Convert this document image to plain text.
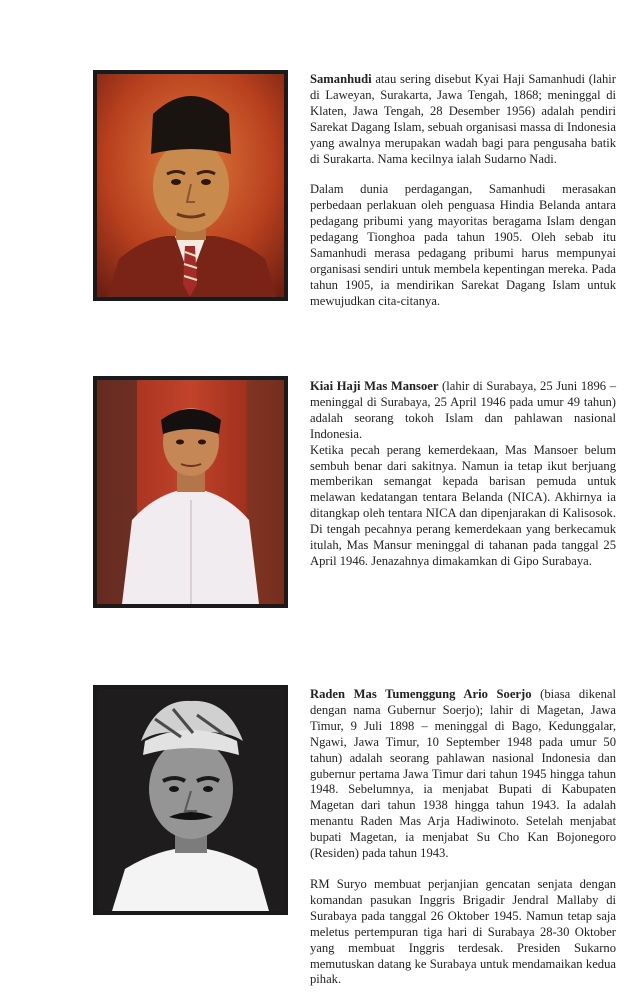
Samanhudi atau sering disebut Kyai Haji Samanhudi (lahir di Laweyan, Surakarta, Jawa Tengah, 1868; meninggal di Klaten, Jawa Tengah, 28 Desember 1956) adalah pendiri Sarekat Dagang Islam, sebuah organisasi massa di Indonesia yang awalnya merupakan wadah bagi para pengusaha batik di Surakarta. Nama kecilnya ialah Sudarno Nadi.

Dalam dunia perdagangan, Samanhudi merasakan perbedaan perlakuan oleh penguasa Hindia Belanda antara pedagang pribumi yang mayoritas beragama Islam dengan pedagang Tionghoa pada tahun 1905. Oleh sebab itu Samanhudi merasa pedagang pribumi harus mempunyai organisasi sendiri untuk membela kepentingan mereka. Pada tahun 1905, ia mendirikan Sarekat Dagang Islam untuk mewujudkan cita-citanya.

Kiai Haji Mas Mansoer (lahir di Surabaya, 25 Juni 1896 – meninggal di Surabaya, 25 April 1946 pada umur 49 tahun) adalah seorang tokoh Islam dan pahlawan nasional Indonesia.

Ketika pecah perang kemerdekaan, Mas Mansoer belum sembuh benar dari sakitnya. Namun ia tetap ikut berjuang memberikan semangat kepada barisan pemuda untuk melawan kedatangan tentara Belanda (NICA). Akhirnya ia ditangkap oleh tentara NICA dan dipenjarakan di Kalisosok. Di tengah pecahnya perang kemerdekaan yang berkecamuk itulah, Mas Mansur meninggal di tahanan pada tanggal 25 April 1946. Jenazahnya dimakamkan di Gipo Surabaya.

Raden Mas Tumenggung Ario Soerjo (biasa dikenal dengan nama Gubernur Soerjo); lahir di Magetan, Jawa Timur, 9 Juli 1898 – meninggal di Bago, Kedunggalar, Ngawi, Jawa Timur, 10 September 1948 pada umur 50 tahun) adalah seorang pahlawan nasional Indonesia dan gubernur pertama Jawa Timur dari tahun 1945 hingga tahun 1948. Sebelumnya, ia menjabat Bupati di Kabupaten Magetan dari tahun 1938 hingga tahun 1943. Ia adalah menantu Raden Mas Arja Hadiwinoto. Setelah menjabat bupati Magetan, ia menjabat Su Cho Kan Bojonegoro (Residen) pada tahun 1943.

RM Suryo membuat perjanjian gencatan senjata dengan komandan pasukan Inggris Brigadir Jendral Mallaby di Surabaya pada tanggal 26 Oktober 1945. Namun tetap saja meletus pertempuran tiga hari di Surabaya 28-30 Oktober yang membuat Inggris terdesak. Presiden Sukarno memutuskan datang ke Surabaya untuk mendamaikan kedua pihak.
